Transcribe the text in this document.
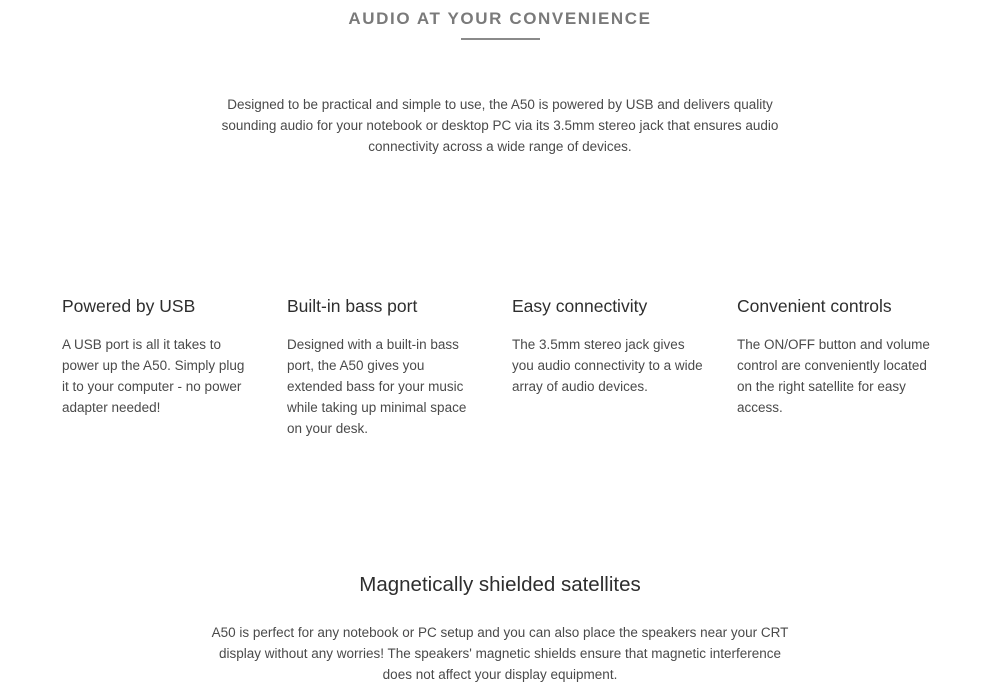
AUDIO AT YOUR CONVENIENCE

Designed to be practical and simple to use, the A50 is powered by USB and delivers quality sounding audio for your notebook or desktop PC via its 3.5mm stereo jack that ensures audio connectivity across a wide range of devices.

Powered by USB

A USB port is all it takes to power up the A50. Simply plug it to your computer - no power adapter needed!

Built-in bass port

Designed with a built-in bass port, the A50 gives you extended bass for your music while taking up minimal space on your desk.

Easy connectivity

The 3.5mm stereo jack gives you audio connectivity to a wide array of audio devices.

Convenient controls

The ON/OFF button and volume control are conveniently located on the right satellite for easy access.

Magnetically shielded satellites

A50 is perfect for any notebook or PC setup and you can also place the speakers near your CRT display without any worries! The speakers' magnetic shields ensure that magnetic interference does not affect your display equipment.
